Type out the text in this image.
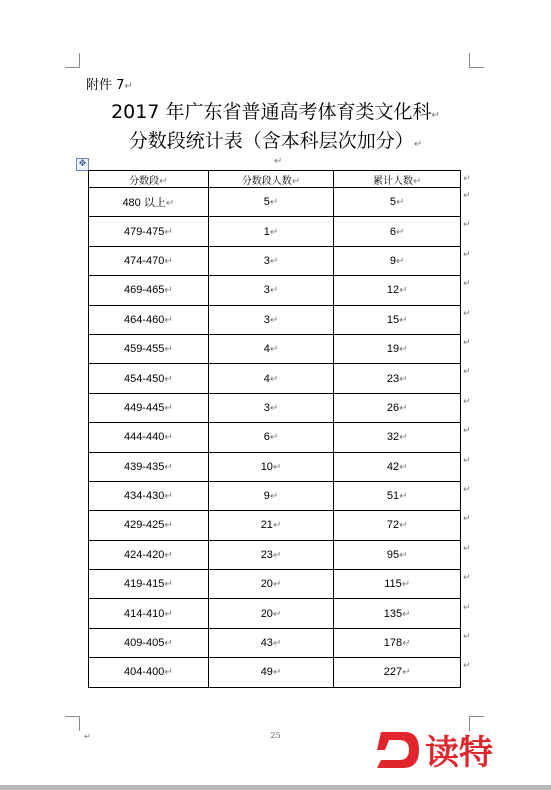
附件 7↵
2017 年广东省普通高考体育类文化科↵
分数段统计表（含本科层次加分）↵
↵
✥
分数段↵	分数段人数↵	累计人数↵
480 以上↵	5↵	5↵
479-475↵	1↵	6↵
474-470↵	3↵	9↵
469-465↵	3↵	12↵
464-460↵	3↵	15↵
459-455↵	4↵	19↵
454-450↵	4↵	23↵
449-445↵	3↵	26↵
444-440↵	6↵	32↵
439-435↵	10↵	42↵
434-430↵	9↵	51↵
429-425↵	21↵	72↵
424-420↵	23↵	95↵
419-415↵	20↵	115↵
414-410↵	20↵	135↵
409-405↵	43↵	178↵
404-400↵	49↵	227↵
↵
↵
↵
↵
↵
↵
↵
↵
↵
↵
↵
↵
↵
↵
↵
↵
↵
↵
↵	25	读特
